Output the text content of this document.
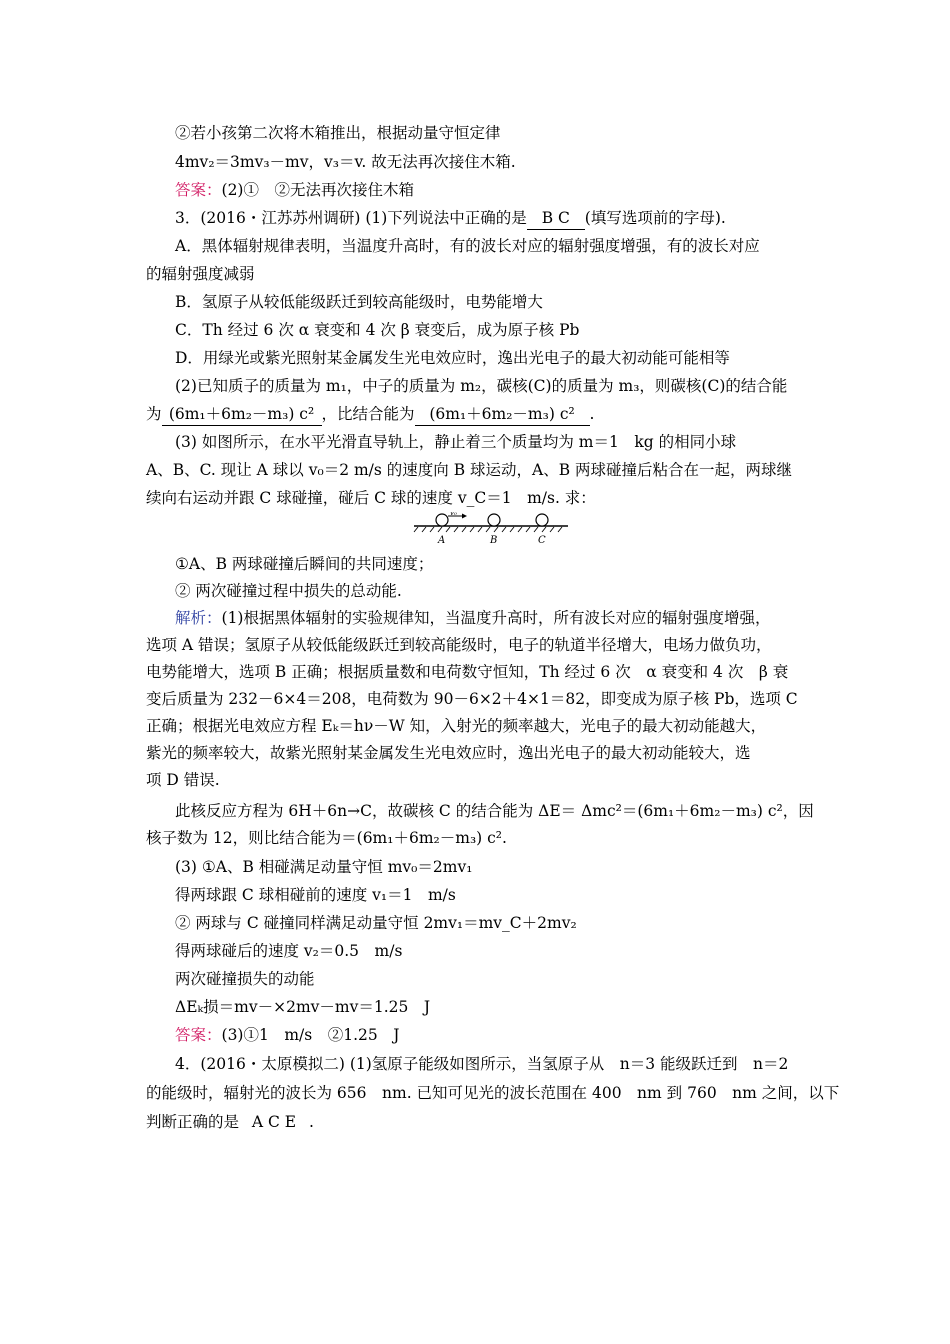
②若小孩第二次将木箱推出，根据动量守恒定律
4mv₂＝3mv₃－mv，v₃＝v. 故无法再次接住木箱.
答案：(2)①　②无法再次接住木箱
3．(2016・江苏苏州调研) (1)下列说法中正确的是 B C (填写选项前的字母).
A．黑体辐射规律表明，当温度升高时，有的波长对应的辐射强度增强，有的波长对应
的辐射强度减弱
B．氢原子从较低能级跃迁到较高能级时，电势能增大
C．Th 经过 6 次 α 衰变和 4 次 β 衰变后，成为原子核 Pb
D．用绿光或紫光照射某金属发生光电效应时，逸出光电子的最大初动能可能相等
(2)已知质子的质量为 m₁，中子的质量为 m₂，碳核(C)的质量为 m₃，则碳核(C)的结合能
为 (6m₁＋6m₂－m₃) c² ，比结合能为 (6m₁＋6m₂－m₃) c² .
(3) 如图所示，在水平光滑直导轨上，静止着三个质量均为 m＝1　kg 的相同小球
A、B、C. 现让 A 球以 v₀＝2 m/s 的速度向 B 球运动，A、B 两球碰撞后粘合在一起，两球继
续向右运动并跟 C 球碰撞，碰后 C 球的速度 v_C＝1　m/s. 求：
v₀
A	B	C
①A、B 两球碰撞后瞬间的共同速度；
② 两次碰撞过程中损失的总动能.
解析：(1)根据黑体辐射的实验规律知，当温度升高时，所有波长对应的辐射强度增强，
选项 A 错误；氢原子从较低能级跃迁到较高能级时，电子的轨道半径增大，电场力做负功，
电势能增大，选项 B 正确；根据质量数和电荷数守恒知，Th 经过 6 次　α 衰变和 4 次　β 衰
变后质量为 232－6×4＝208，电荷数为 90－6×2＋4×1＝82，即变成为原子核 Pb，选项 C
正确；根据光电效应方程 Eₖ＝hν－W 知，入射光的频率越大，光电子的最大初动能越大，
紫光的频率较大，故紫光照射某金属发生光电效应时，逸出光电子的最大初动能较大，选
项 D 错误.
此核反应方程为 6H＋6n→C，故碳核 C 的结合能为 ΔE＝ Δmc²＝(6m₁＋6m₂－m₃) c²，因
核子数为 12，则比结合能为＝(6m₁＋6m₂－m₃) c².
(3) ①A、B 相碰满足动量守恒 mv₀＝2mv₁
得两球跟 C 球相碰前的速度 v₁＝1　m/s
② 两球与 C 碰撞同样满足动量守恒 2mv₁＝mv_C＋2mv₂
得两球碰后的速度 v₂＝0.5　m/s
两次碰撞损失的动能
ΔEₖ损＝mv－×2mv－mv＝1.25　J
答案：(3)①1　m/s　②1.25　J
4．(2016・太原模拟二) (1)氢原子能级如图所示，当氢原子从　n＝3 能级跃迁到　n＝2
的能级时，辐射光的波长为 656　nm. 已知可见光的波长范围在 400　nm 到 760　nm 之间，以下
判断正确的是 A C E .
